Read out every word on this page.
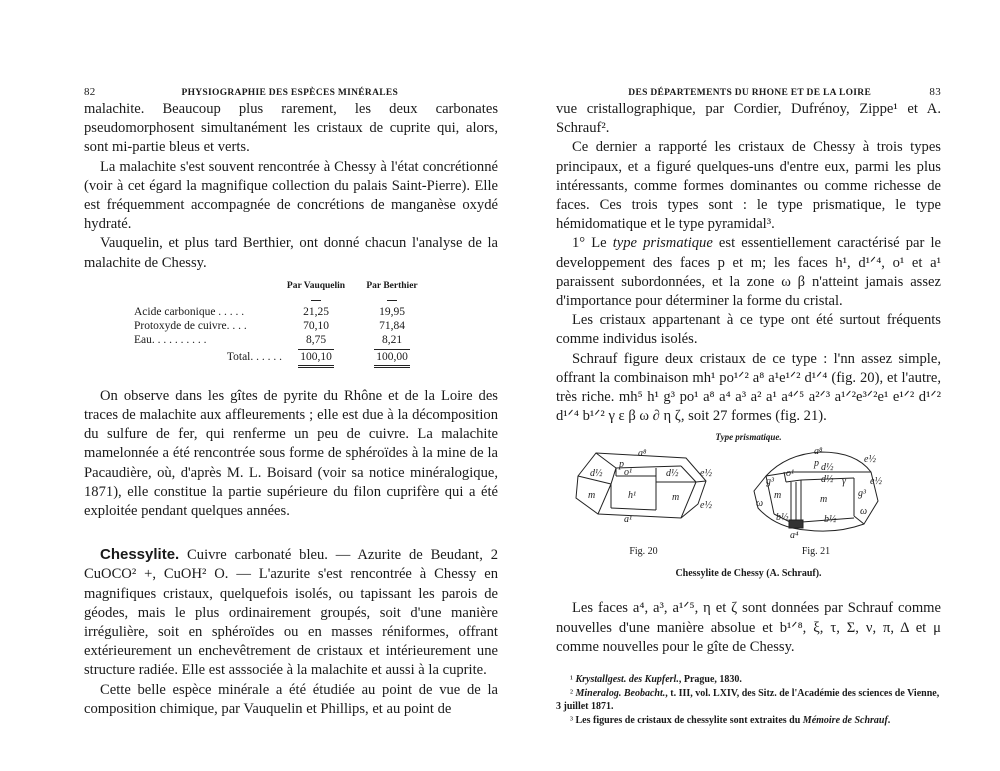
82	PHYSIOGRAPHIE DES ESPÈCES MINÉRALES

malachite. Beaucoup plus rarement, les deux carbonates pseudomorphosent simultanément les cristaux de cuprite qui, alors, sont mi-partie bleus et verts.

La malachite s'est souvent rencontrée à Chessy à l'état concrétionné (voir à cet égard la magnifique collection du palais Saint-Pierre). Elle est fréquemment accompagnée de concrétions de manganèse oxydé hydraté.

Vauquelin, et plus tard Berthier, ont donné chacun l'analyse de la malachite de Chessy.

	Par Vauquelin		Par Berthier

Acide carbonique . . . . .	21,25		19,95
Protoxyde de cuivre. . . .	70,10		71,84
Eau. . . . . . . . . .	8,75		8,21
Total. . . . . .	100,10		100,00

On observe dans les gîtes de pyrite du Rhône et de la Loire des traces de malachite aux affleurements ; elle est due à la décomposition du sulfure de fer, qui renferme un peu de cuivre. La malachite mamelonnée a été rencontrée sous forme de sphéroïdes à la mine de la Pacaudière, où, d'après M. L. Boisard (voir sa notice minéralogique, 1871), elle constitue la partie supérieure du filon cuprifère qui a été exploitée pendant quelques années.

Chessylite. Cuivre carbonaté bleu. — Azurite de Beudant, 2 CuOCO² +, CuOH² O. — L'azurite s'est rencontrée à Chessy en magnifiques cristaux, quelquefois isolés, ou tapissant les parois de géodes, mais le plus ordinairement groupés, soit d'une manière irrégulière, soit en sphéroïdes ou en masses réniformes, offrant extérieurement un enchevêtrement de cristaux et intérieurement une structure radiée. Elle est asssociée à la malachite et aussi à la cuprite.

Cette belle espèce minérale a été étudiée au point de vue de la composition chimique, par Vauquelin et Phillips, et au point de

DES DÉPARTEMENTS DU RHONE ET DE LA LOIRE	83

vue cristallographique, par Cordier, Dufrénoy, Zippe¹ et A. Schrauf².

Ce dernier a rapporté les cristaux de Chessy à trois types principaux, et a figuré quelques-uns d'entre eux, parmi les plus intéressants, comme formes dominantes ou comme richesse de faces. Ces trois types sont : le type prismatique, le type hémidomatique et le type pyramidal³.

1° Le type prismatique est essentiellement caractérisé par le developpement des faces p et m; les faces h¹, d¹ᐟ⁴, o¹ et a¹ paraissent subordonnées, et la zone ω β n'atteint jamais assez d'importance pour déterminer la forme du cristal.

Les cristaux appartenant à ce type ont été surtout fréquents comme individus isolés.

Schrauf figure deux cristaux de ce type : l'nn assez simple, offrant la combinaison mh¹ po¹ᐟ² a⁸ a¹e¹ᐟ² d¹ᐟ⁴ (fig. 20), et l'autre, très riche. mh⁵ h¹ g³ po¹ a⁸ a⁴ a³ a² a¹ a⁴ᐟ⁵ a²ᐟ³ a¹ᐟ²e³ᐟ²e¹ e¹ᐟ² d¹ᐟ² d¹ᐟ⁴ b¹ᐟ² γ ε β ω ∂ η ζ, soit 27 formes (fig. 21).

Type prismatique.
a⁸
p
d½ o¹	d½ e½
m	h¹	m
e½
a¹
Fig. 20
a⁸
p	e½
o¹
d½
d½	e½
g³	γ
g³
m	m
ω
ω
b½	b½
a⁴
Fig. 21
Chessylite de Chessy (A. Schrauf).

Les faces a⁴, a³, a¹ᐟ⁵, η et ζ sont données par Schrauf comme nouvelles d'une manière absolue et b¹ᐟ⁸, ξ, τ, Σ, ν, π, Δ et μ comme nouvelles pour le gîte de Chessy.

¹ Krystallgest. des Kupferl., Prague, 1830.
² Mineralog. Beobacht., t. III, vol. LXIV, des Sitz. de l'Académie des sciences de Vienne, 3 juillet 1871.
³ Les figures de cristaux de chessylite sont extraites du Mémoire de Schrauf.
